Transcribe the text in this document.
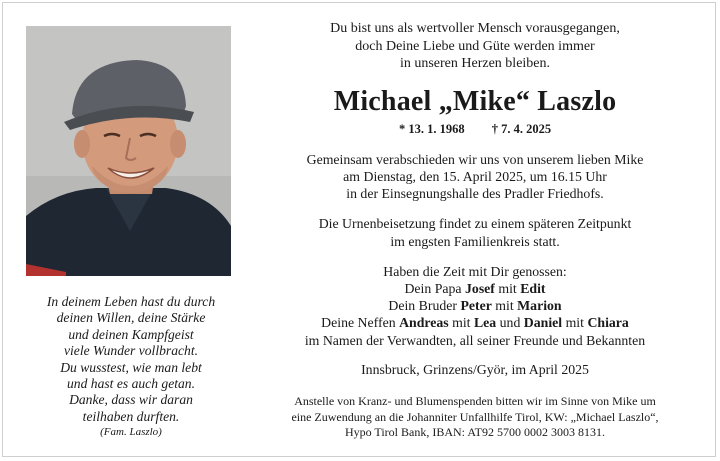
In deinem Leben hast du durch
deinen Willen, deine Stärke
und deinen Kampfgeist
viele Wunder vollbracht.
Du wusstest, wie man lebt
und hast es auch getan.
Danke, dass wir daran
teilhaben durften.
(Fam. Laszlo)

Du bist uns als wertvoller Mensch vorausgegangen,
doch Deine Liebe und Güte werden immer
in unseren Herzen bleiben.

Michael „Mike“ Laszlo

* 13. 1. 1968 † 7. 4. 2025

Gemeinsam verabschieden wir uns von unserem lieben Mike
am Dienstag, den 15. April 2025, um 16.15 Uhr
in der Einsegnungshalle des Pradler Friedhofs.

Die Urnenbeisetzung findet zu einem späteren Zeitpunkt
im engsten Familienkreis statt.

Haben die Zeit mit Dir genossen:
Dein Papa Josef mit Edit
Dein Bruder Peter mit Marion
Deine Neffen Andreas mit Lea und Daniel mit Chiara
im Namen der Verwandten, all seiner Freunde und Bekannten

Innsbruck, Grinzens/Györ, im April 2025

Anstelle von Kranz- und Blumenspenden bitten wir im Sinne von Mike um
eine Zuwendung an die Johanniter Unfallhilfe Tirol, KW: „Michael Laszlo“,
Hypo Tirol Bank, IBAN: AT92 5700 0002 3003 8131.
